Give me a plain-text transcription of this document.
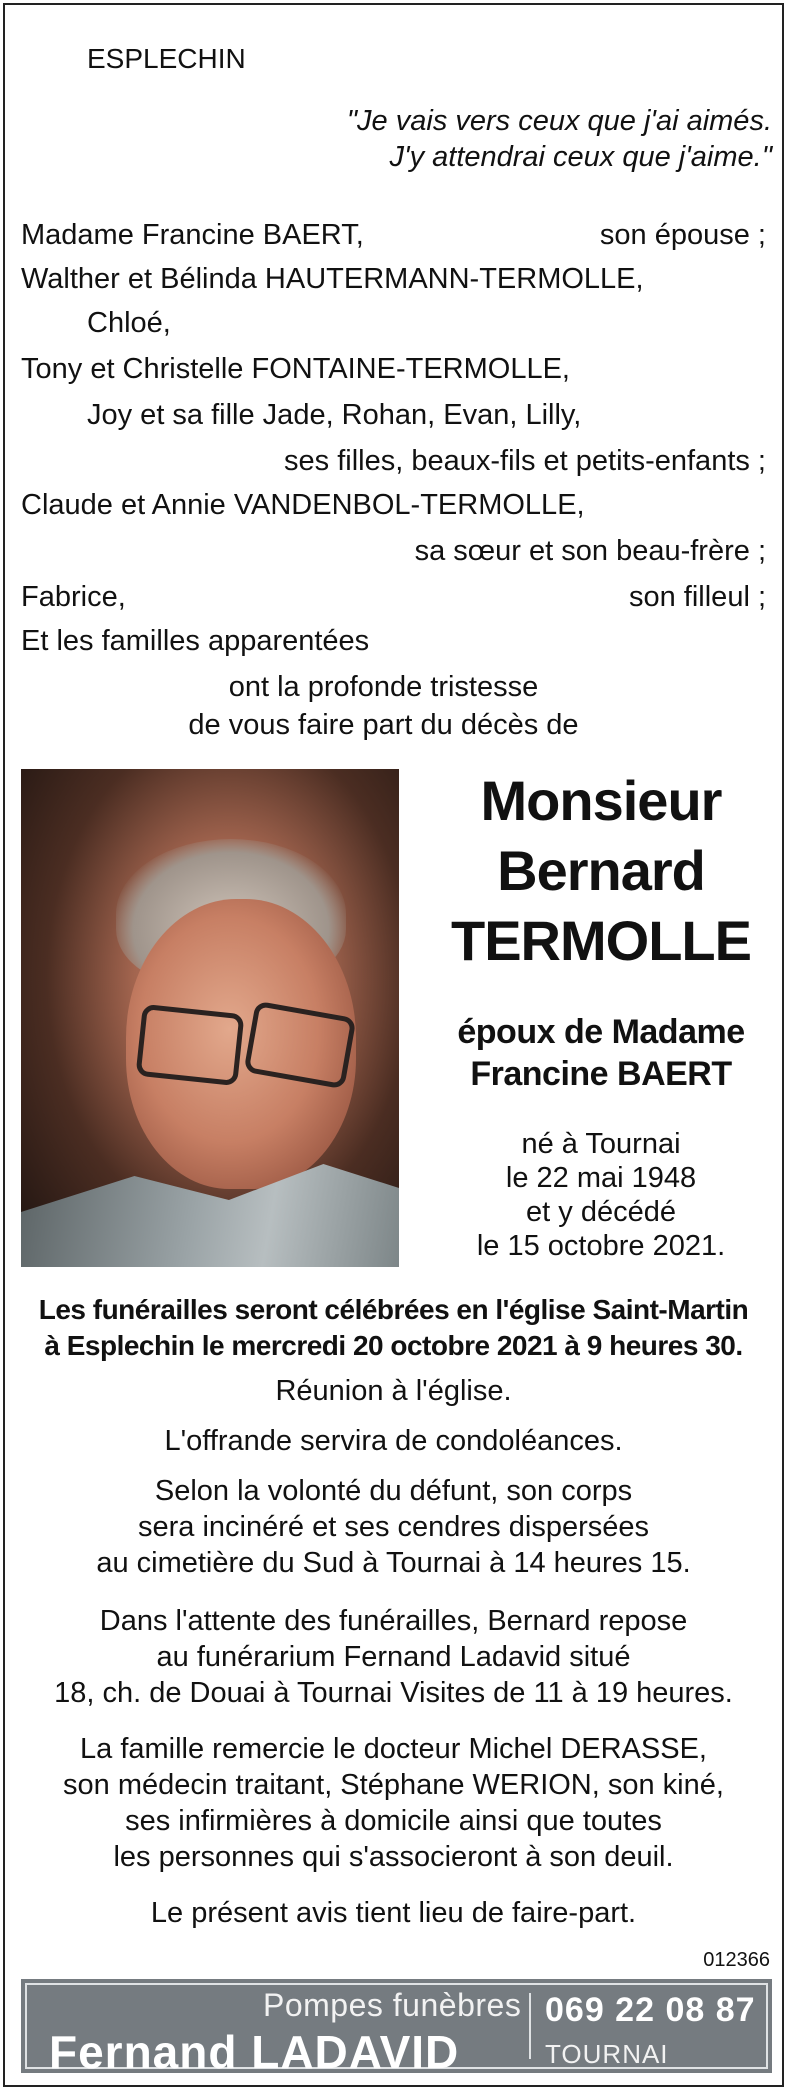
ESPLECHIN
"Je vais vers ceux que j'ai aimés.
J'y attendrai ceux que j'aime."
Madame Francine BAERT,	son épouse ;
Walther et Bélinda HAUTERMANN-TERMOLLE,
Chloé,
Tony et Christelle FONTAINE-TERMOLLE,
Joy et sa fille Jade, Rohan, Evan, Lilly,
ses filles, beaux-fils et petits-enfants ;
Claude et Annie VANDENBOL-TERMOLLE,
sa sœur et son beau-frère ;
Fabrice,	son filleul ;
Et les familles apparentées
ont la profonde tristesse
de vous faire part du décès de
Monsieur
Bernard
TERMOLLE
époux de Madame
Francine BAERT
né à Tournai
le 22 mai 1948
et y décédé
le 15 octobre 2021.
Les funérailles seront célébrées en l'église Saint-Martin
à Esplechin le mercredi 20 octobre 2021 à 9 heures 30.
Réunion à l'église.
L'offrande servira de condoléances.
Selon la volonté du défunt, son corps
sera incinéré et ses cendres dispersées
au cimetière du Sud à Tournai à 14 heures 15.
Dans l'attente des funérailles, Bernard repose
au funérarium Fernand Ladavid situé
18, ch. de Douai à Tournai Visites de 11 à 19 heures.
La famille remercie le docteur Michel DERASSE,
son médecin traitant, Stéphane WERION, son kiné,
ses infirmières à domicile ainsi que toutes
les personnes qui s'associeront à son deuil.
Le présent avis tient lieu de faire-part.
012366
Pompes funèbres
Fernand LADAVID
069 22 08 87
TOURNAI
